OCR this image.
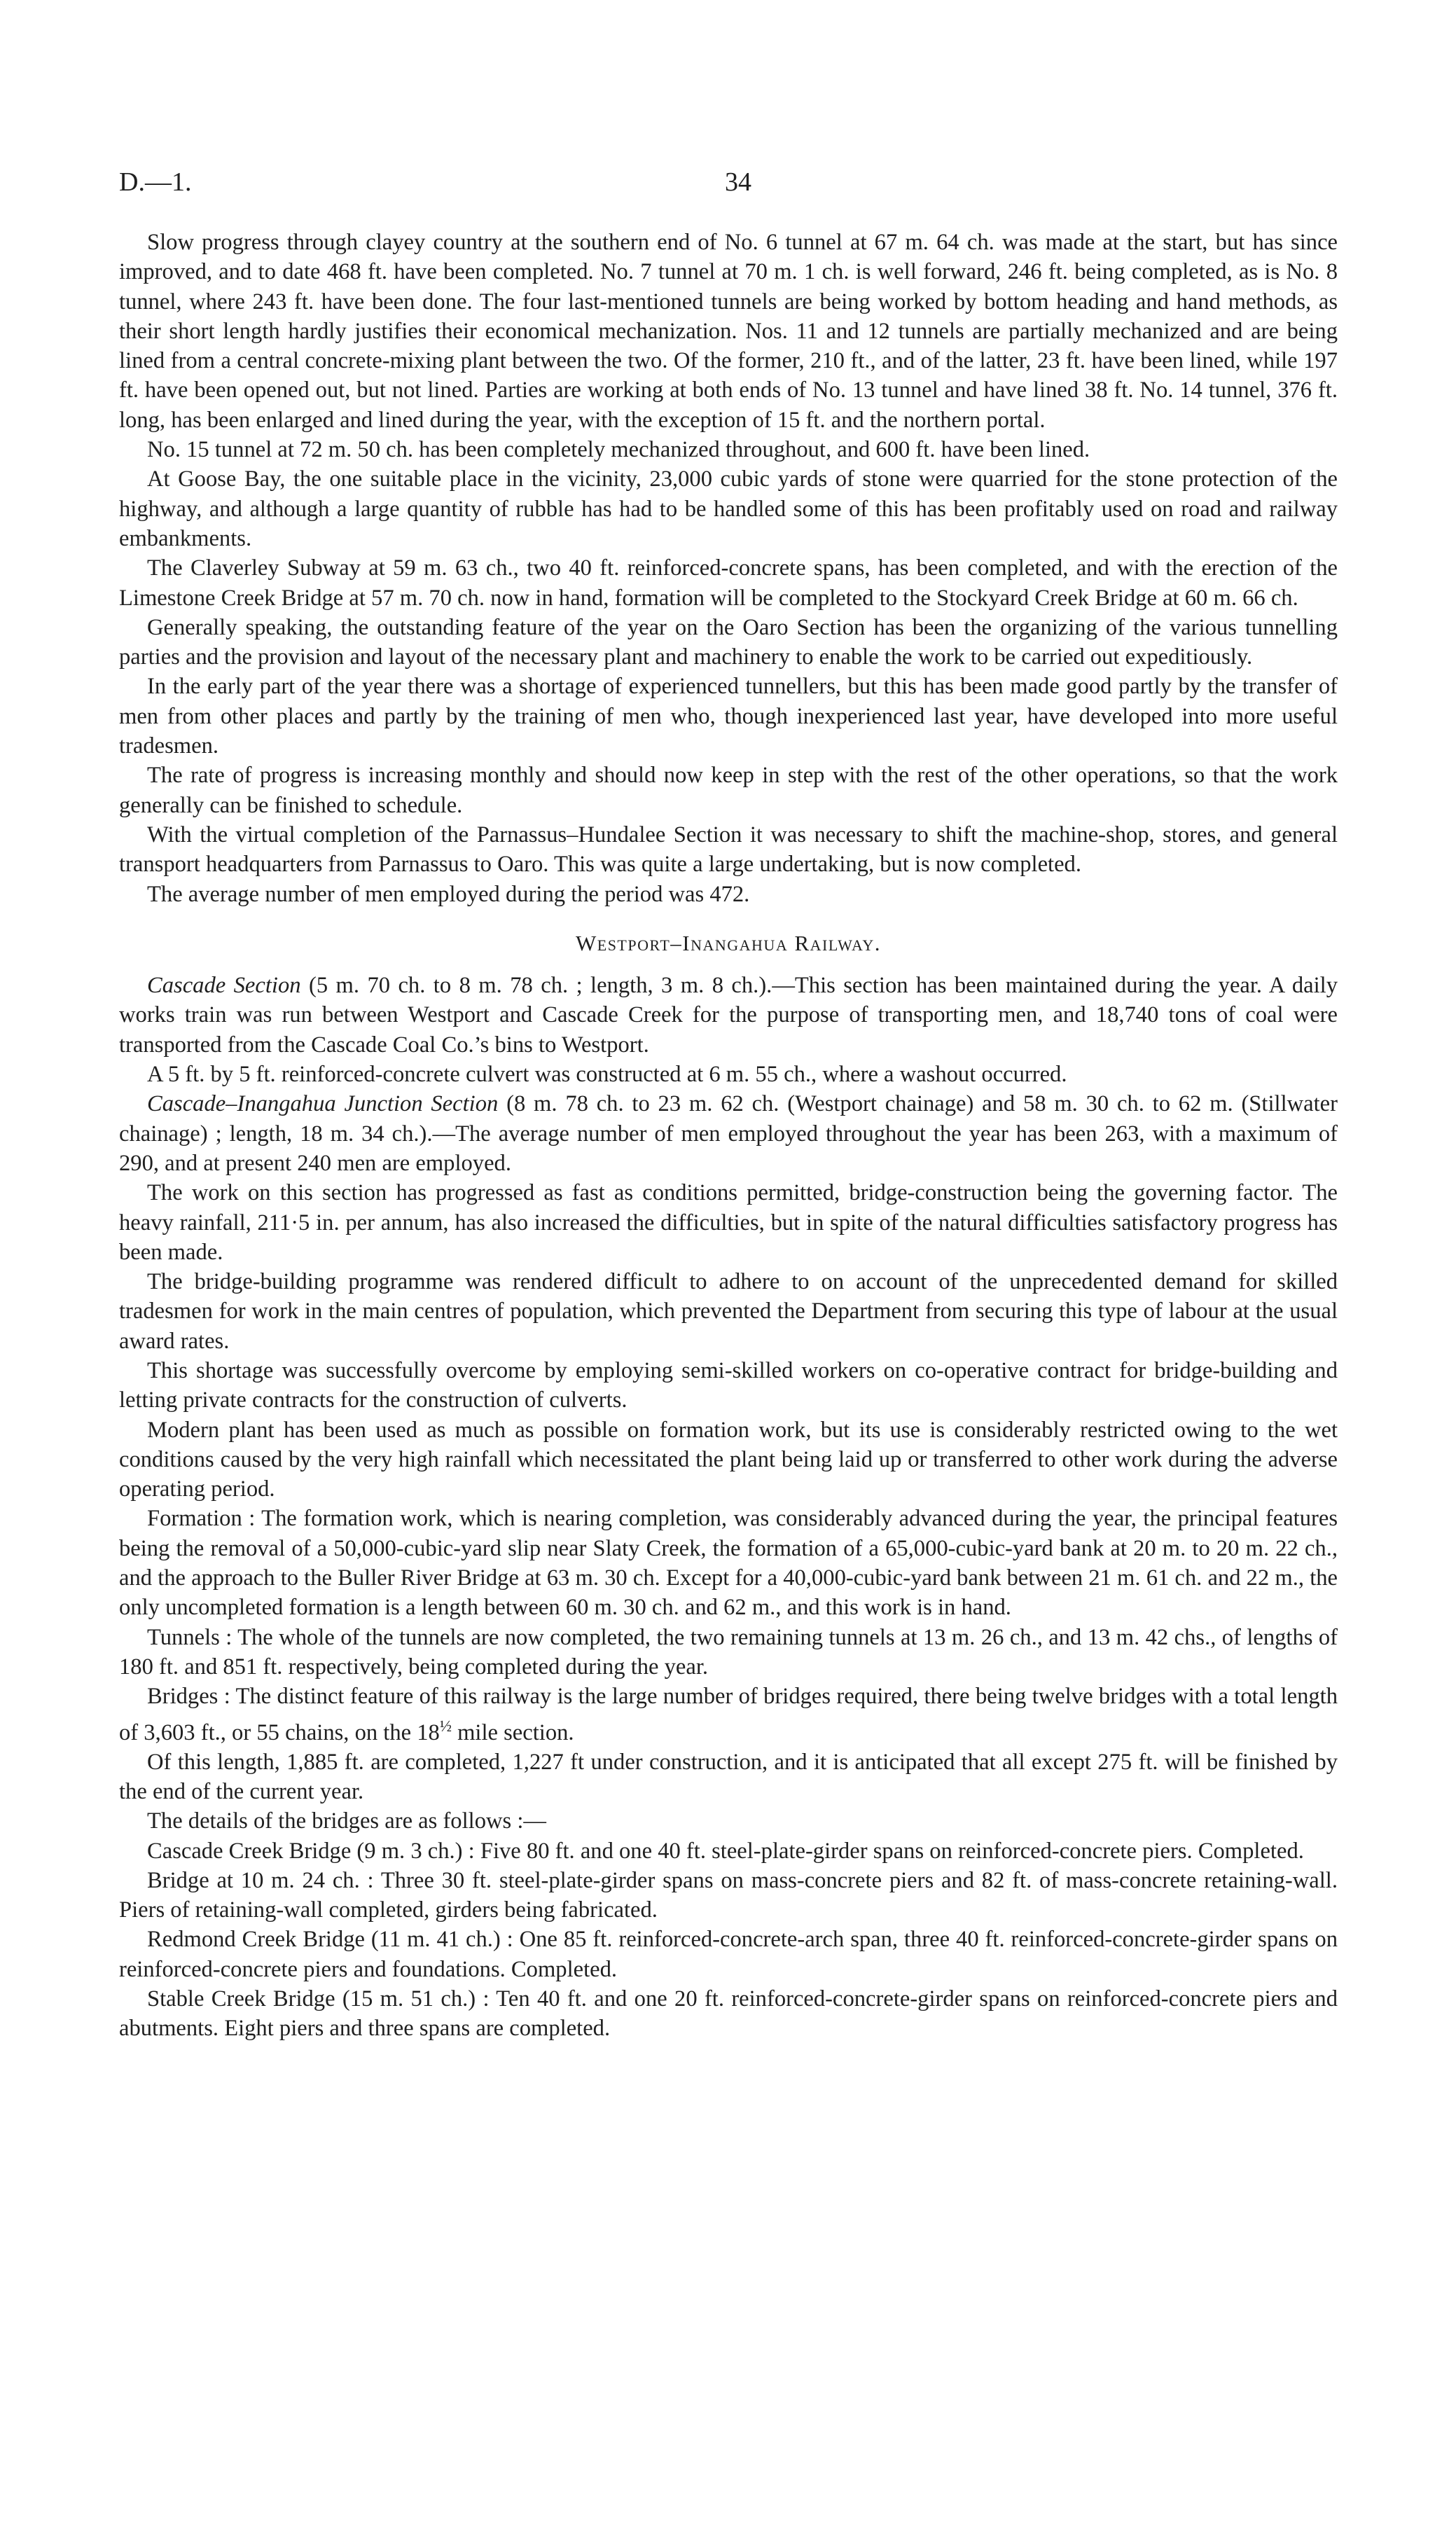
D.—1.	34

Slow progress through clayey country at the southern end of No. 6 tunnel at 67 m. 64 ch. was made at the start, but has since improved, and to date 468 ft. have been completed. No. 7 tunnel at 70 m. 1 ch. is well forward, 246 ft. being completed, as is No. 8 tunnel, where 243 ft. have been done. The four last-mentioned tunnels are being worked by bottom heading and hand methods, as their short length hardly justifies their economical mechanization. Nos. 11 and 12 tunnels are partially mechanized and are being lined from a central concrete-mixing plant between the two. Of the former, 210 ft., and of the latter, 23 ft. have been lined, while 197 ft. have been opened out, but not lined. Parties are working at both ends of No. 13 tunnel and have lined 38 ft. No. 14 tunnel, 376 ft. long, has been enlarged and lined during the year, with the exception of 15 ft. and the northern portal.

No. 15 tunnel at 72 m. 50 ch. has been completely mechanized throughout, and 600 ft. have been lined.

At Goose Bay, the one suitable place in the vicinity, 23,000 cubic yards of stone were quarried for the stone protection of the highway, and although a large quantity of rubble has had to be handled some of this has been profitably used on road and railway embankments.

The Claverley Subway at 59 m. 63 ch., two 40 ft. reinforced-concrete spans, has been completed, and with the erection of the Limestone Creek Bridge at 57 m. 70 ch. now in hand, formation will be completed to the Stockyard Creek Bridge at 60 m. 66 ch.

Generally speaking, the outstanding feature of the year on the Oaro Section has been the organizing of the various tunnelling parties and the provision and layout of the necessary plant and machinery to enable the work to be carried out expeditiously.

In the early part of the year there was a shortage of experienced tunnellers, but this has been made good partly by the transfer of men from other places and partly by the training of men who, though inexperienced last year, have developed into more useful tradesmen.

The rate of progress is increasing monthly and should now keep in step with the rest of the other operations, so that the work generally can be finished to schedule.

With the virtual completion of the Parnassus–Hundalee Section it was necessary to shift the machine-shop, stores, and general transport headquarters from Parnassus to Oaro. This was quite a large undertaking, but is now completed.

The average number of men employed during the period was 472.

Westport–Inangahua Railway.

Cascade Section (5 m. 70 ch. to 8 m. 78 ch. ; length, 3 m. 8 ch.).—This section has been maintained during the year. A daily works train was run between Westport and Cascade Creek for the purpose of transporting men, and 18,740 tons of coal were transported from the Cascade Coal Co.’s bins to Westport.

A 5 ft. by 5 ft. reinforced-concrete culvert was constructed at 6 m. 55 ch., where a washout occurred.

Cascade–Inangahua Junction Section (8 m. 78 ch. to 23 m. 62 ch. (Westport chainage) and 58 m. 30 ch. to 62 m. (Stillwater chainage) ; length, 18 m. 34 ch.).—The average number of men employed throughout the year has been 263, with a maximum of 290, and at present 240 men are employed.

The work on this section has progressed as fast as conditions permitted, bridge-construction being the governing factor. The heavy rainfall, 211·5 in. per annum, has also increased the difficulties, but in spite of the natural difficulties satisfactory progress has been made.

The bridge-building programme was rendered difficult to adhere to on account of the unprecedented demand for skilled tradesmen for work in the main centres of population, which prevented the Department from securing this type of labour at the usual award rates.

This shortage was successfully overcome by employing semi-skilled workers on co-operative contract for bridge-building and letting private contracts for the construction of culverts.

Modern plant has been used as much as possible on formation work, but its use is considerably restricted owing to the wet conditions caused by the very high rainfall which necessitated the plant being laid up or transferred to other work during the adverse operating period.

Formation : The formation work, which is nearing completion, was considerably advanced during the year, the principal features being the removal of a 50,000-cubic-yard slip near Slaty Creek, the formation of a 65,000-cubic-yard bank at 20 m. to 20 m. 22 ch., and the approach to the Buller River Bridge at 63 m. 30 ch. Except for a 40,000-cubic-yard bank between 21 m. 61 ch. and 22 m., the only uncompleted formation is a length between 60 m. 30 ch. and 62 m., and this work is in hand.

Tunnels : The whole of the tunnels are now completed, the two remaining tunnels at 13 m. 26 ch., and 13 m. 42 chs., of lengths of 180 ft. and 851 ft. respectively, being completed during the year.

Bridges : The distinct feature of this railway is the large number of bridges required, there being twelve bridges with a total length of 3,603 ft., or 55 chains, on the $18^{\frac{1}{2}}$ mile section.

Of this length, 1,885 ft. are completed, 1,227 ft under construction, and it is anticipated that all except 275 ft. will be finished by the end of the current year.

The details of the bridges are as follows :—

Cascade Creek Bridge (9 m. 3 ch.) : Five 80 ft. and one 40 ft. steel-plate-girder spans on reinforced-concrete piers. Completed.

Bridge at 10 m. 24 ch. : Three 30 ft. steel-plate-girder spans on mass-concrete piers and 82 ft. of mass-concrete retaining-wall. Piers of retaining-wall completed, girders being fabricated.

Redmond Creek Bridge (11 m. 41 ch.) : One 85 ft. reinforced-concrete-arch span, three 40 ft. reinforced-concrete-girder spans on reinforced-concrete piers and foundations. Completed.

Stable Creek Bridge (15 m. 51 ch.) : Ten 40 ft. and one 20 ft. reinforced-concrete-girder spans on reinforced-concrete piers and abutments. Eight piers and three spans are completed.
